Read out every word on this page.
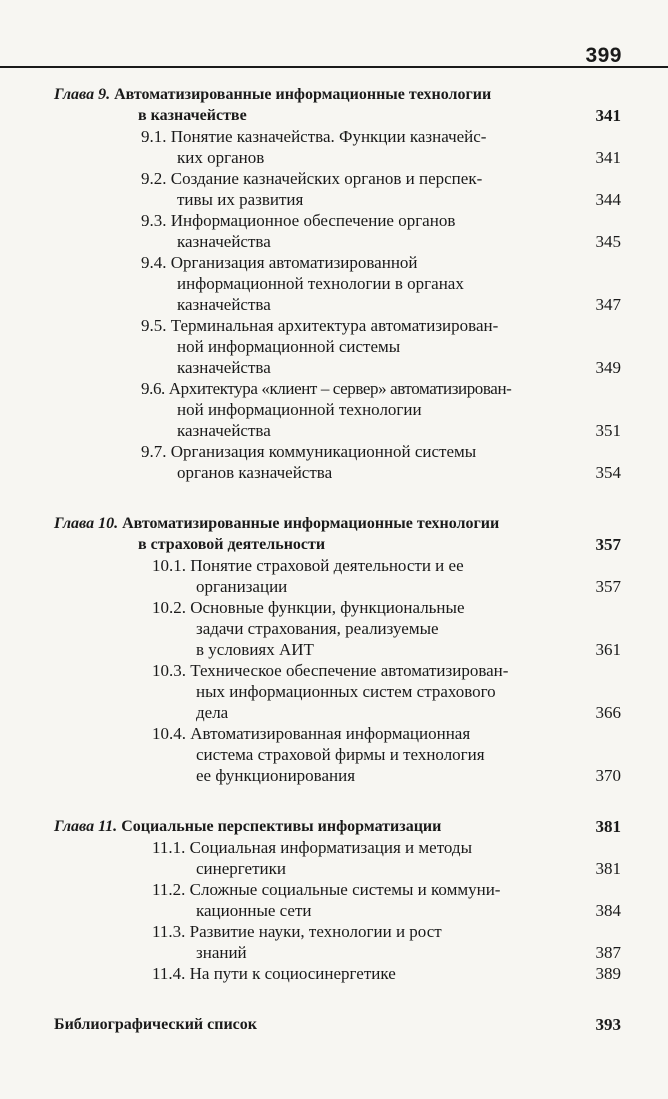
399
Глава 9. Автоматизированные информационные технологии
в казначействе	341
9.1. Понятие казначейства. Функции казначейс-
ких органов	341
9.2. Создание казначейских органов и перспек-
тивы их развития	344
9.3. Информационное обеспечение органов
казначейства	345
9.4. Организация автоматизированной
информационной технологии в органах
казначейства	347
9.5. Терминальная архитектура автоматизирован-
ной информационной системы
казначейства	349
9.6. Архитектура «клиент – сервер» автоматизирован-
ной информационной технологии
казначейства	351
9.7. Организация коммуникационной системы
органов казначейства	354
Глава 10. Автоматизированные информационные технологии
в страховой деятельности	357
10.1. Понятие страховой деятельности и ее
организации	357
10.2. Основные функции, функциональные
задачи страхования, реализуемые
в условиях АИТ	361
10.3. Техническое обеспечение автоматизирован-
ных информационных систем страхового
дела	366
10.4. Автоматизированная информационная
система страховой фирмы и технология
ее функционирования	370
Глава 11. Социальные перспективы информатизации	381
11.1. Социальная информатизация и методы
синергетики	381
11.2. Сложные социальные системы и коммуни-
кационные сети	384
11.3. Развитие науки, технологии и рост
знаний	387
11.4. На пути к социосинергетике	389
Библиографический список	393
